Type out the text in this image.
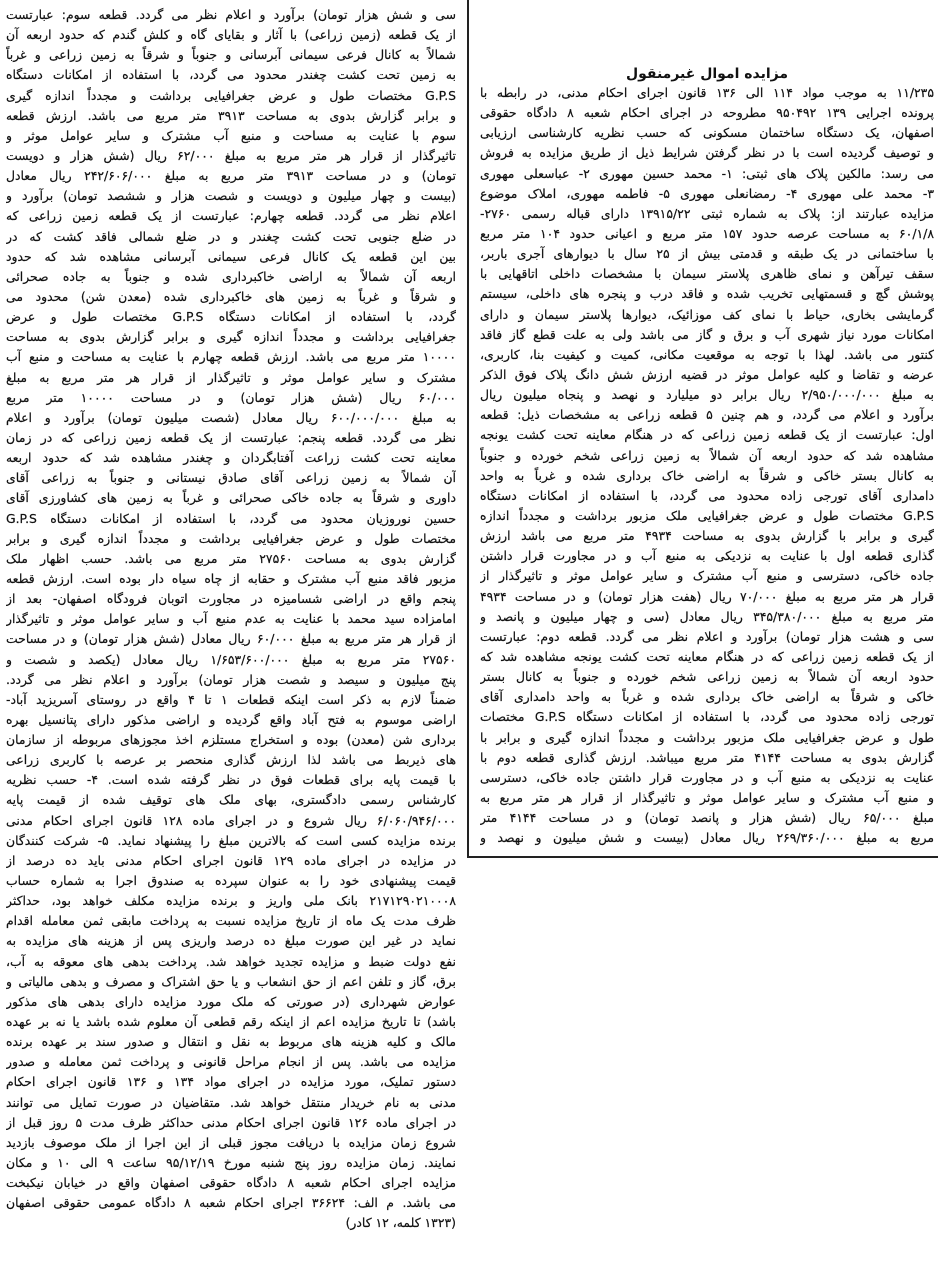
مزایده اموال غیرمنقول
۱۱/۲۳۵ به موجب مواد ۱۱۴ الی ۱۳۶ قانون اجرای احکام مدنی، در رابطه با
پرونده اجرایی ۱۳۹ ۹۵۰۴۹۲ مطروحه در اجرای احکام شعبه ۸ دادگاه حقوقی
اصفهان، یک دستگاه ساختمان مسکونی که حسب نظریه کارشناسی ارزیابی
و توصیف گردیده است با در نظر گرفتن شرایط ذیل از طریق مزایده به فروش
می رسد: مالکین پلاک های ثبتی: ۱- محمد حسین مهوری ۲- عباسعلی مهوری
۳- محمد علی مهوری ۴- رمضانعلی مهوری ۵- فاطمه مهوری، املاک موضوع
مزایده عبارتند از: پلاک به شماره ثبتی ۱۳۹۱۵/۲۲ دارای قباله رسمی ۲۷۶۰-
۶۰/۱/۸ به مساحت عرصه حدود ۱۵۷ متر مربع و اعیانی حدود ۱۰۴ متر مربع
با ساختمانی در یک طبقه و قدمتی بیش از ۲۵ سال با دیوارهای آجری باربر،
سقف تیرآهن و نمای ظاهری پلاستر سیمان با مشخصات داخلی اتاقهایی با
پوشش گچ و قسمتهایی تخریب شده و فاقد درب و پنجره های داخلی، سیستم
گرمایشی بخاری، حیاط با نمای کف موزائیک، دیوارها پلاستر سیمان و دارای
امکانات مورد نیاز شهری آب و برق و گاز می باشد ولی به علت قطع گاز فاقد
کنتور می باشد. لهذا با توجه به موقعیت مکانی، کمیت و کیفیت بنا، کاربری،
عرضه و تقاضا و کلیه عوامل موثر در قضیه ارزش شش دانگ پلاک فوق الذکر
به مبلغ ۲/۹۵۰/۰۰۰/۰۰۰ ریال برابر دو میلیارد و نهصد و پنجاه میلیون ریال
برآورد و اعلام می گردد، و هم چنین ۵ قطعه زراعی به مشخصات ذیل: قطعه
اول: عبارتست از یک قطعه زمین زراعی که در هنگام معاینه تحت کشت یونجه
مشاهده شد که حدود اربعه آن شمالاً به زمین زراعی شخم خورده و جنوباً
به کانال بستر خاکی و شرقاً به اراضی خاک برداری شده و غرباً به واحد
دامداری آقای تورجی زاده محدود می گردد، با استفاده از امکانات دستگاه
G.P.S مختصات طول و عرض جغرافیایی ملک مزبور برداشت و مجدداً اندازه
گیری و برابر با گزارش بدوی به مساحت ۴۹۳۴ متر مربع می باشد ارزش
گذاری قطعه اول با عنایت به نزدیکی به منبع آب و در مجاورت قرار داشتن
جاده خاکی، دسترسی و منبع آب مشترک و سایر عوامل موثر و تاثیرگذار از
قرار هر متر مربع به مبلغ ۷۰/۰۰۰ ریال (هفت هزار تومان) و در مساحت ۴۹۳۴
متر مربع به مبلغ ۳۴۵/۳۸۰/۰۰۰ ریال معادل (سی و چهار میلیون و پانصد و
سی و هشت هزار تومان) برآورد و اعلام نظر می گردد. قطعه دوم: عبارتست
از یک قطعه زمین زراعی که در هنگام معاینه تحت کشت یونجه مشاهده شد که
حدود اربعه آن شمالاً به زمین زراعی شخم خورده و جنوباً به کانال بستر
خاکی و شرقاً به اراضی خاک برداری شده و غرباً به واحد دامداری آقای
تورجی زاده محدود می گردد، با استفاده از امکانات دستگاه G.P.S مختصات
طول و عرض جغرافیایی ملک مزبور برداشت و مجدداً اندازه گیری و برابر با
گزارش بدوی به مساحت ۴۱۴۴ متر مربع میباشد. ارزش گذاری قطعه دوم با
عنایت به نزدیکی به منبع آب و در مجاورت قرار داشتن جاده خاکی، دسترسی
و منبع آب مشترک و سایر عوامل موثر و تاثیرگذار از قرار هر متر مربع به
مبلغ ۶۵/۰۰۰ ریال (شش هزار و پانصد تومان) و در مساحت ۴۱۴۴ متر
مربع به مبلغ ۲۶۹/۳۶۰/۰۰۰ ریال معادل (بیست و شش میلیون و نهصد و
سی و شش هزار تومان) برآورد و اعلام نظر می گردد. قطعه سوم: عبارتست
از یک قطعه (زمین زراعی) با آثار و بقایای گاه و کلش گندم که حدود اربعه آن
شمالاً به کانال فرعی سیمانی آبرسانی و جنوباً و شرقاً به زمین زراعی و غرباً
به زمین تحت کشت چغندر محدود می گردد، با استفاده از امکانات دستگاه
G.P.S مختصات طول و عرض جغرافیایی برداشت و مجدداً اندازه گیری
و برابر گزارش بدوی به مساحت ۳۹۱۳ متر مربع می باشد. ارزش قطعه
سوم با عنایت به مساحت و منبع آب مشترک و سایر عوامل موثر و
تاثیرگذار از قرار هر متر مربع به مبلغ ۶۲/۰۰۰ ریال (شش هزار و دویست
تومان) و در مساحت ۳۹۱۳ متر مربع به مبلغ ۲۴۲/۶۰۶/۰۰۰ ریال معادل
(بیست و چهار میلیون و دویست و شصت هزار و ششصد تومان) برآورد و
اعلام نظر می گردد. قطعه چهارم: عبارتست از یک قطعه زمین زراعی که
در ضلع جنوبی تحت کشت چغندر و در ضلع شمالی فاقد کشت که در
بین این قطعه یک کانال فرعی سیمانی آبرسانی مشاهده شد که حدود
اربعه آن شمالاً به اراضی خاکبرداری شده و جنوباً به جاده صحرائی
و شرقاً و غرباً به زمین های خاکبرداری شده (معدن شن) محدود می
گردد، با استفاده از امکانات دستگاه G.P.S مختصات طول و عرض
جغرافیایی برداشت و مجدداً اندازه گیری و برابر گزارش بدوی به مساحت
۱۰۰۰۰ متر مربع می باشد. ارزش قطعه چهارم با عنایت به مساحت و منبع آب
مشترک و سایر عوامل موثر و تاثیرگذار از قرار هر متر مربع به مبلغ
۶۰/۰۰۰ ریال (شش هزار تومان) و در مساحت ۱۰۰۰۰ متر مربع
به مبلغ ۶۰۰/۰۰۰/۰۰۰ ریال معادل (شصت میلیون تومان) برآورد و اعلام
نظر می گردد. قطعه پنجم: عبارتست از یک قطعه زمین زراعی که در زمان
معاینه تحت کشت زراعت آفتابگردان و چغندر مشاهده شد که حدود اربعه
آن شمالاً به زمین زراعی آقای صادق نیستانی و جنوباً به زراعی آقای
داوری و شرقاً به جاده خاکی صحرائی و غرباً به زمین های کشاورزی آقای
حسین نوروزیان محدود می گردد، با استفاده از امکانات دستگاه G.P.S
مختصات طول و عرض جغرافیایی برداشت و مجدداً اندازه گیری و برابر
گزارش بدوی به مساحت ۲۷۵۶۰ متر مربع می باشد. حسب اظهار ملک
مزبور فاقد منبع آب مشترک و حقابه از چاه سیاه دار بوده است. ارزش قطعه
پنجم واقع در اراضی شسامیزه در مجاورت اتوبان فرودگاه اصفهان- بعد از
امامزاده سید محمد با عنایت به عدم منبع آب و سایر عوامل موثر و تاثیرگذار
از قرار هر متر مربع به مبلغ ۶۰/۰۰۰ ریال معادل (شش هزار تومان) و در مساحت
۲۷۵۶۰ متر مربع به مبلغ ۱/۶۵۳/۶۰۰/۰۰۰ ریال معادل (یکصد و شصت و
پنج میلیون و سیصد و شصت هزار تومان) برآورد و اعلام نظر می گردد.
ضمناً لازم به ذکر است اینکه قطعات ۱ تا ۴ واقع در روستای آسریزید آباد-
اراضی موسوم به فتح آباد واقع گردیده و اراضی مذکور دارای پتانسیل بهره
برداری شن (معدن) بوده و استخراج مستلزم اخذ مجوزهای مربوطه از سازمان
های ذیربط می باشد لذا ارزش گذاری منحصر بر عرصه با کاربری زراعی
با قیمت پایه برای قطعات فوق در نظر گرفته شده است. ۴- حسب نظریه
کارشناس رسمی دادگستری، بهای ملک های توقیف شده از قیمت پایه
۶/۰۶۰/۹۴۶/۰۰۰ ریال شروع و در اجرای ماده ۱۲۸ قانون اجرای احکام مدنی
برنده مزایده کسی است که بالاترین مبلغ را پیشنهاد نماید. ۵- شرکت کنندگان
در مزایده در اجرای ماده ۱۲۹ قانون اجرای احکام مدنی باید ده درصد از
قیمت پیشنهادی خود را به عنوان سپرده به صندوق اجرا به شماره حساب
۲۱۷۱۲۹۰۲۱۰۰۰۸ بانک ملی واریز و برنده مزایده مکلف خواهد بود، حداکثر
ظرف مدت یک ماه از تاریخ مزایده نسبت به پرداخت مابقی ثمن معامله اقدام
نماید در غیر این صورت مبلغ ده درصد واریزی پس از هزینه های مزایده به
نفع دولت ضبط و مزایده تجدید خواهد شد. پرداخت بدهی های معوقه به آب،
برق، گاز و تلفن اعم از حق انشعاب و یا حق اشتراک و مصرف و بدهی مالیاتی و
عوارض شهرداری (در صورتی که ملک مورد مزایده دارای بدهی های مذکور
باشد) تا تاریخ مزایده اعم از اینکه رقم قطعی آن معلوم شده باشد یا نه بر عهده
مالک و کلیه هزینه های مربوط به نقل و انتقال و صدور سند بر عهده برنده
مزایده می باشد. پس از انجام مراحل قانونی و پرداخت ثمن معامله و صدور
دستور تملیک، مورد مزایده در اجرای مواد ۱۳۴ و ۱۳۶ قانون اجرای احکام
مدنی به نام خریدار منتقل خواهد شد. متقاضیان در صورت تمایل می توانند
در اجرای ماده ۱۲۶ قانون اجرای احکام مدنی حداکثر ظرف مدت ۵ روز قبل از
شروع زمان مزایده با دریافت مجوز قبلی از این اجرا از ملک موصوف بازدید
نمایند. زمان مزایده روز پنج شنبه مورخ ۹۵/۱۲/۱۹ ساعت ۹ الی ۱۰ و مکان
مزایده اجرای احکام شعبه ۸ دادگاه حقوقی اصفهان واقع در خیابان نیکبخت
می باشد. م الف: ۳۶۶۲۴ اجرای احکام شعبه ۸ دادگاه عمومی حقوقی اصفهان
(۱۳۲۳ کلمه، ۱۲ کادر)
